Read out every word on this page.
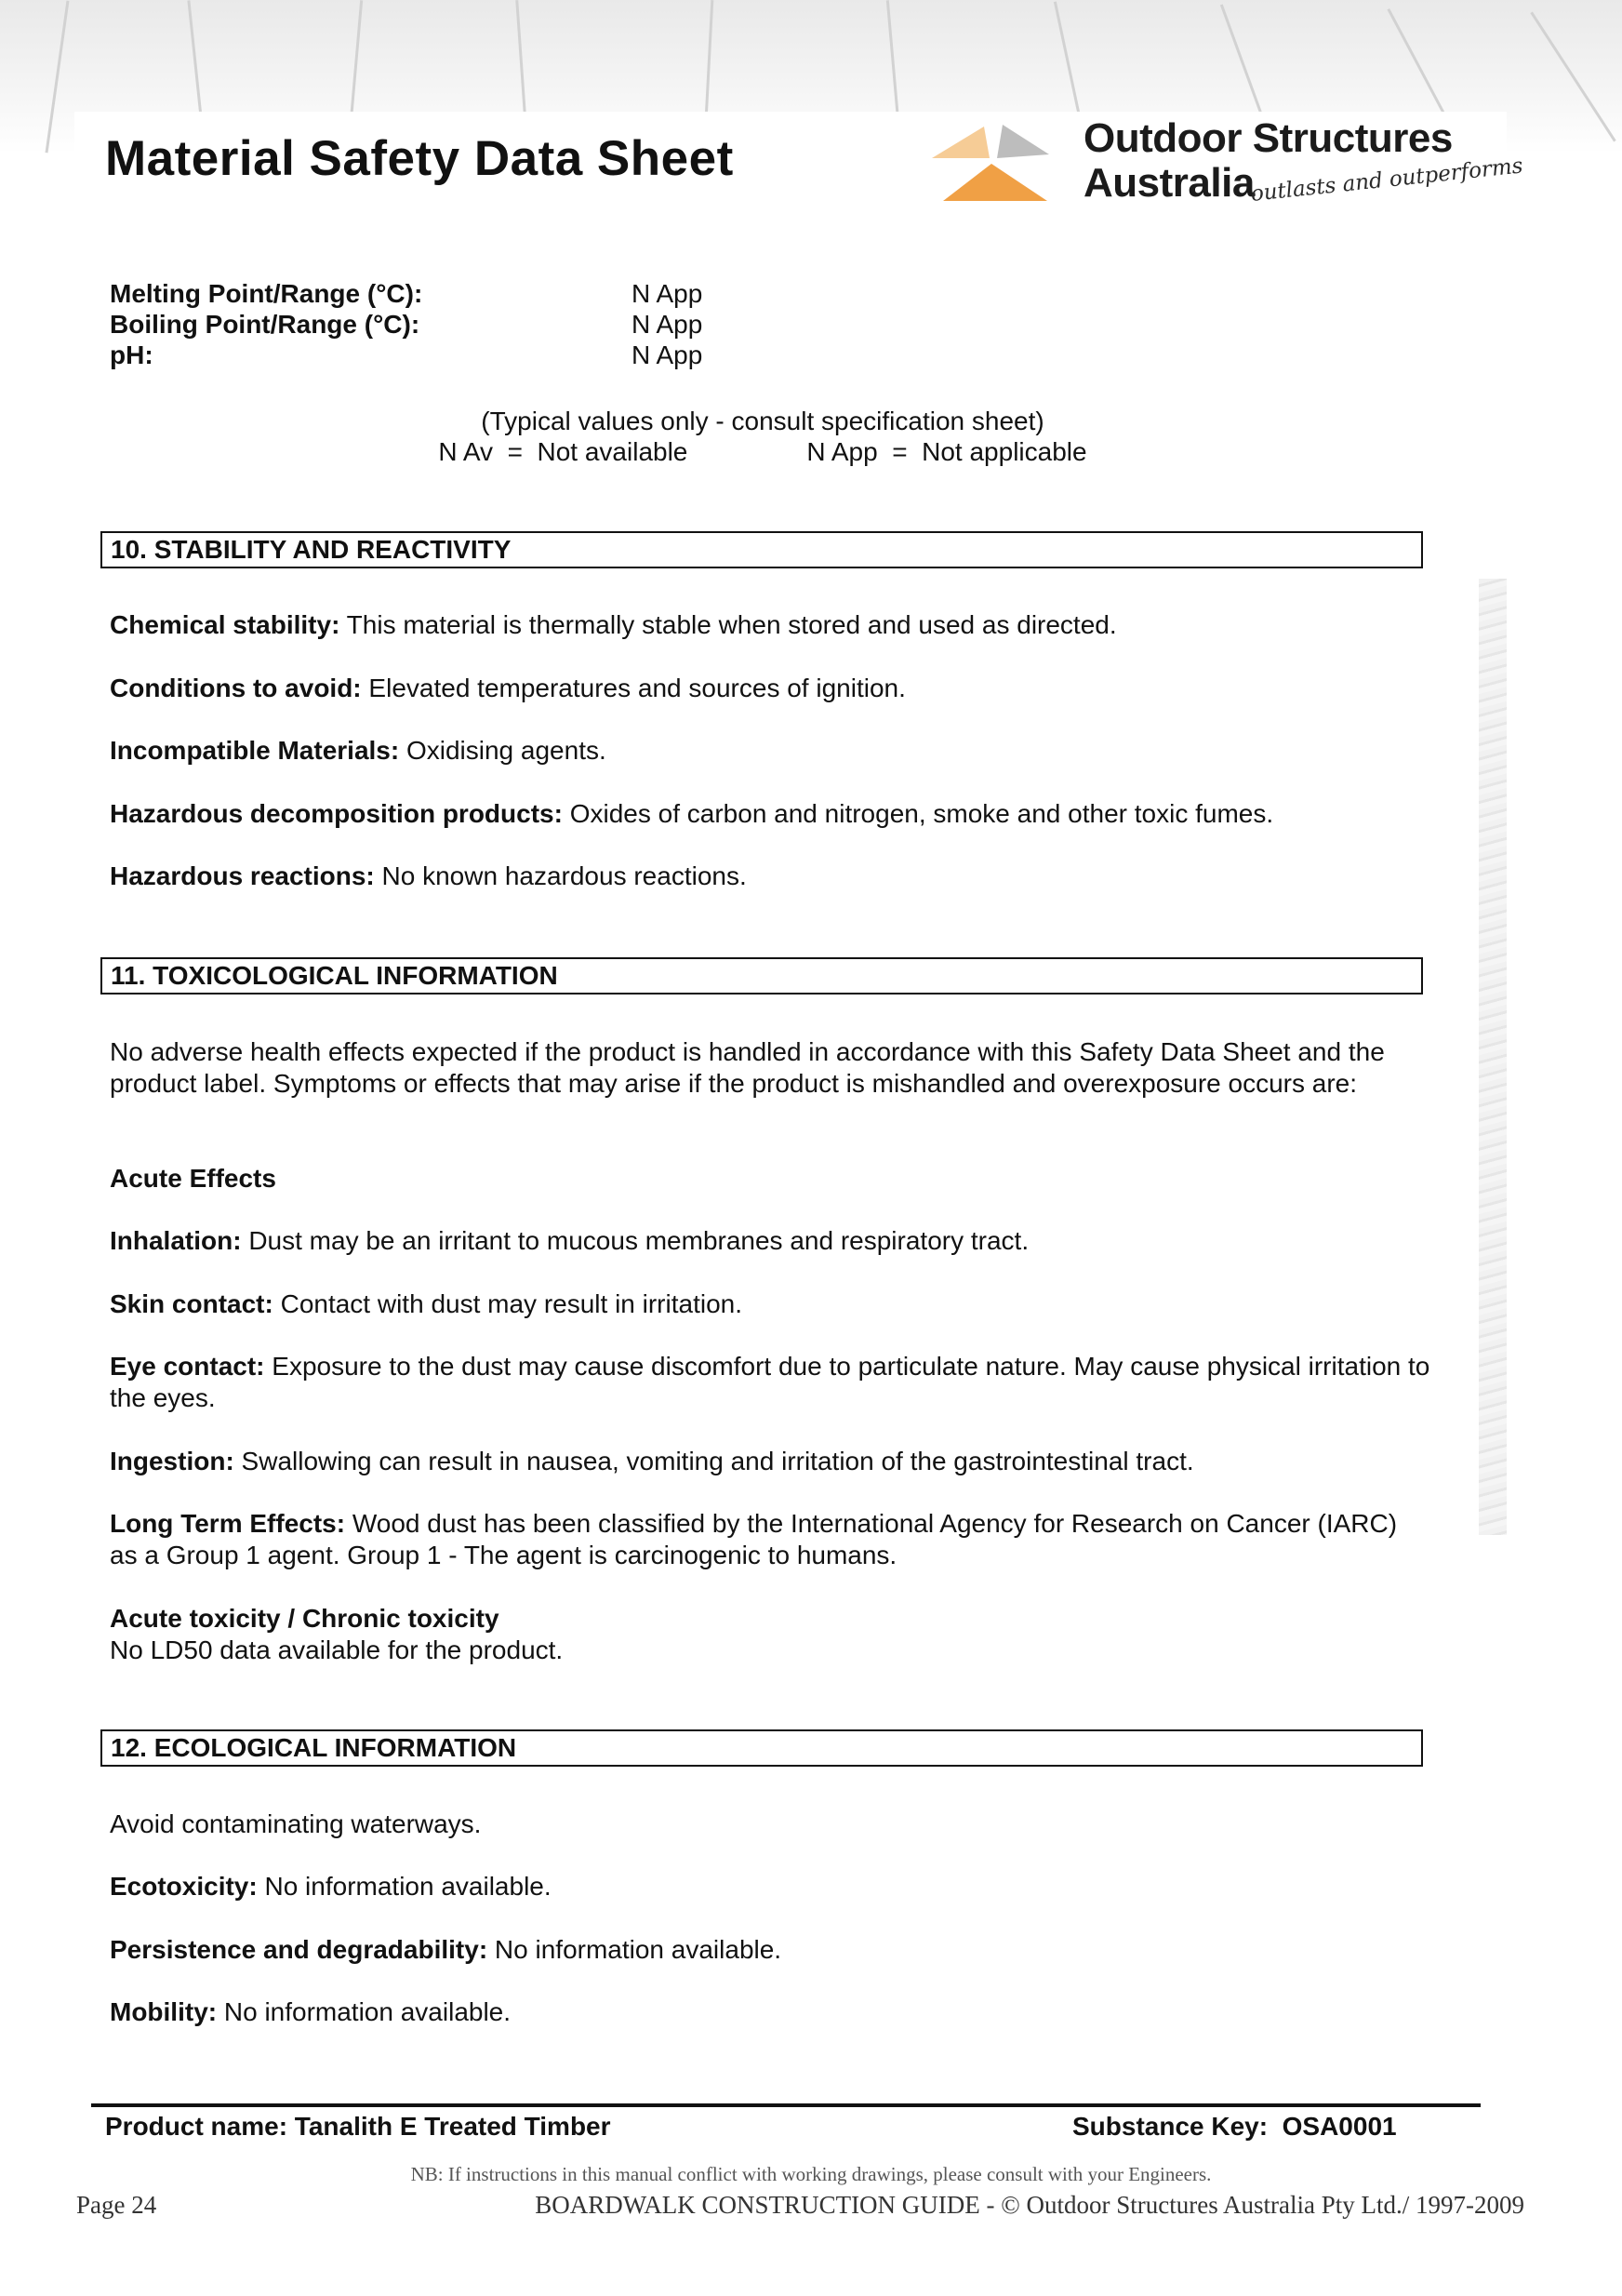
Material Safety Data Sheet	Outdoor Structures
Australia
outlasts and outperforms
Melting Point/Range (°C):	N App
Boiling Point/Range (°C):	N App
pH:	N App
(Typical values only - consult specification sheet)
N Av  =  Not available	N App  =  Not applicable
10. STABILITY AND REACTIVITY
Chemical stability: This material is thermally stable when stored and used as directed.
Conditions to avoid: Elevated temperatures and sources of ignition.
Incompatible Materials: Oxidising agents.
Hazardous decomposition products: Oxides of carbon and nitrogen, smoke and other toxic fumes.
Hazardous reactions: No known hazardous reactions.
11. TOXICOLOGICAL INFORMATION
No adverse health effects expected if the product is handled in accordance with this Safety Data Sheet and the product label. Symptoms or effects that may arise if the product is mishandled and overexposure occurs are:
Acute Effects
Inhalation: Dust may be an irritant to mucous membranes and respiratory tract.
Skin contact: Contact with dust may result in irritation.
Eye contact: Exposure to the dust may cause discomfort due to particulate nature. May cause physical irritation to the eyes.
Ingestion: Swallowing can result in nausea, vomiting and irritation of the gastrointestinal tract.
Long Term Effects: Wood dust has been classified by the International Agency for Research on Cancer (IARC) as a Group 1 agent. Group 1 - The agent is carcinogenic to humans.
Acute toxicity / Chronic toxicity
No LD50 data available for the product.
12. ECOLOGICAL INFORMATION
Avoid contaminating waterways.
Ecotoxicity: No information available.
Persistence and degradability: No information available.
Mobility: No information available.
Product name: Tanalith E Treated Timber	Substance Key:  OSA0001
NB: If instructions in this manual conflict with working drawings, please consult with your Engineers.
Page 24	BOARDWALK CONSTRUCTION GUIDE - © Outdoor Structures Australia Pty Ltd./ 1997-2009
